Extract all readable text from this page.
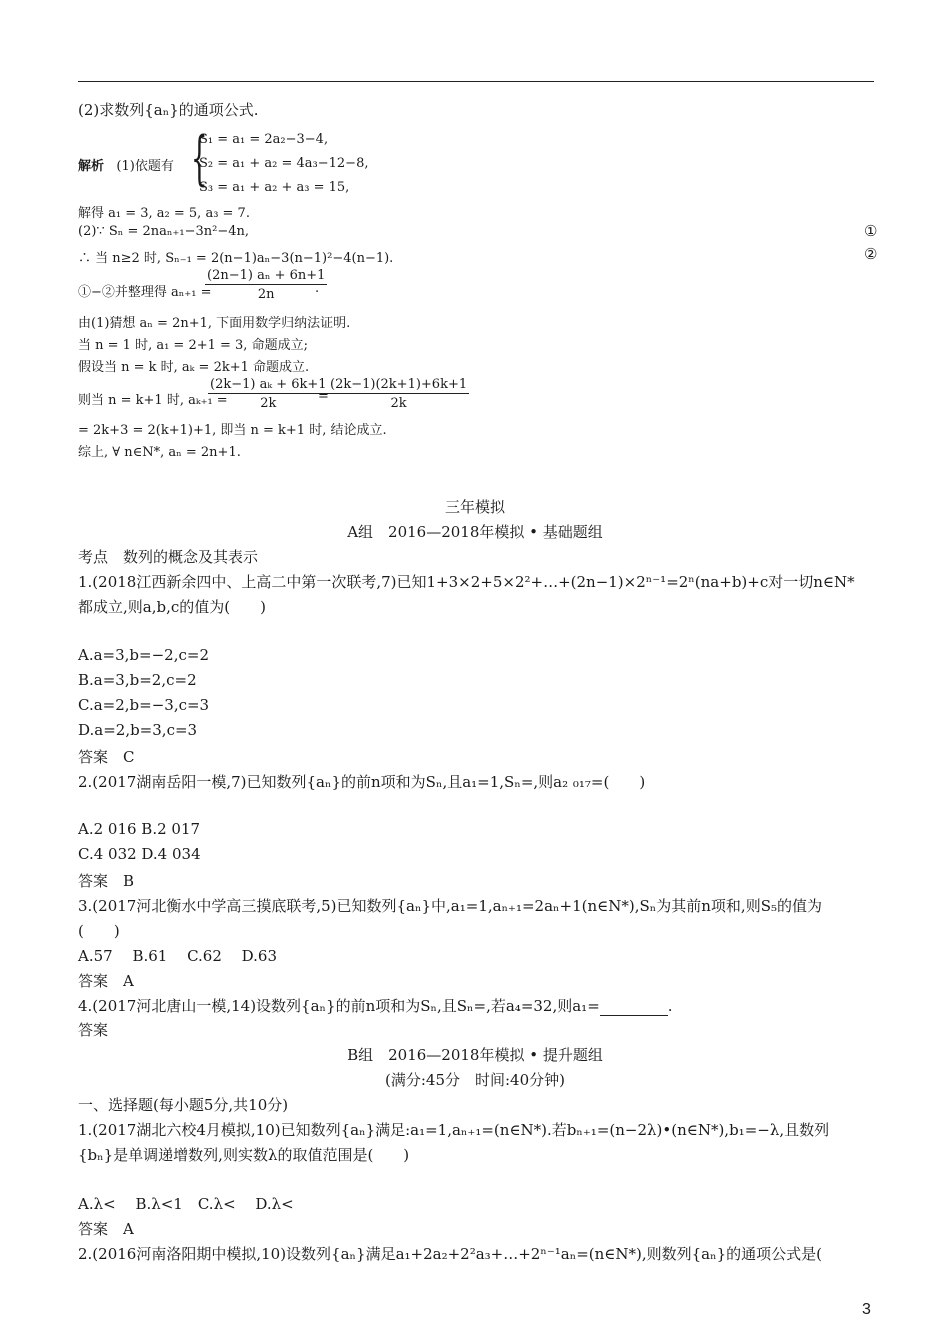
(2)求数列{aₙ}的通项公式.
解析 (1)依题有 {
S₁ = a₁ = 2a₂−3−4,
S₂ = a₁ + a₂ = 4a₃−12−8,
S₃ = a₁ + a₂ + a₃ = 15,
解得 a₁ = 3, a₂ = 5, a₃ = 7.
(2)∵ Sₙ = 2naₙ₊₁−3n²−4n,	①
∴ 当 n≥2 时, Sₙ₋₁ = 2(n−1)aₙ−3(n−1)²−4(n−1).	②
①−②并整理得 aₙ₊₁ =
$\frac{\text{(2n−1) aₙ + 6n+1}}{2n}$
.
由(1)猜想 aₙ = 2n+1, 下面用数学归纳法证明.
当 n = 1 时, a₁ = 2+1 = 3, 命题成立;
假设当 n = k 时, aₖ = 2k+1 命题成立.
则当 n = k+1 时, aₖ₊₁ =
$\frac{\text{(2k−1) aₖ + 6k+1}}{2k}$
= $\frac{(2k-1)(2k+1)+6k+1}{2k}$
= 2k+3 = 2(k+1)+1, 即当 n = k+1 时, 结论成立.
综上, ∀ n∈N*, aₙ = 2n+1.
三年模拟
A组　2016—2018年模拟 • 基础题组
考点　数列的概念及其表示
1.(2018江西新余四中、上高二中第一次联考,7)已知1+3×2+5×2²+…+(2n−1)×2ⁿ⁻¹=2ⁿ(na+b)+c对一切n∈N*
都成立,则a,b,c的值为(　　)
A.a=3,b=−2,c=2
B.a=3,b=2,c=2
C.a=2,b=−3,c=3
D.a=2,b=3,c=3
答案　C
2.(2017湖南岳阳一模,7)已知数列{aₙ}的前n项和为Sₙ,且a₁=1,Sₙ=,则a₂ ₀₁₇=(　　)
A.2 016 B.2 017
C.4 032 D.4 034
答案　B
3.(2017河北衡水中学高三摸底联考,5)已知数列{aₙ}中,a₁=1,aₙ₊₁=2aₙ+1(n∈N*),Sₙ为其前n项和,则S₅的值为
(　　)
A.57　 B.61　 C.62　 D.63
答案　A
4.(2017河北唐山一模,14)设数列{aₙ}的前n项和为Sₙ,且Sₙ=,若a₄=32,则a₁=	.
答案
B组　2016—2018年模拟 • 提升题组
(满分:45分　时间:40分钟)
一、选择题(每小题5分,共10分)
1.(2017湖北六校4月模拟,10)已知数列{aₙ}满足:a₁=1,aₙ₊₁=(n∈N*).若bₙ₊₁=(n−2λ)•(n∈N*),b₁=−λ,且数列
{bₙ}是单调递增数列,则实数λ的取值范围是(　　)
A.λ<　 B.λ<1　C.λ<　 D.λ<
答案　A
2.(2016河南洛阳期中模拟,10)设数列{aₙ}满足a₁+2a₂+2²a₃+…+2ⁿ⁻¹aₙ=(n∈N*),则数列{aₙ}的通项公式是(
3
